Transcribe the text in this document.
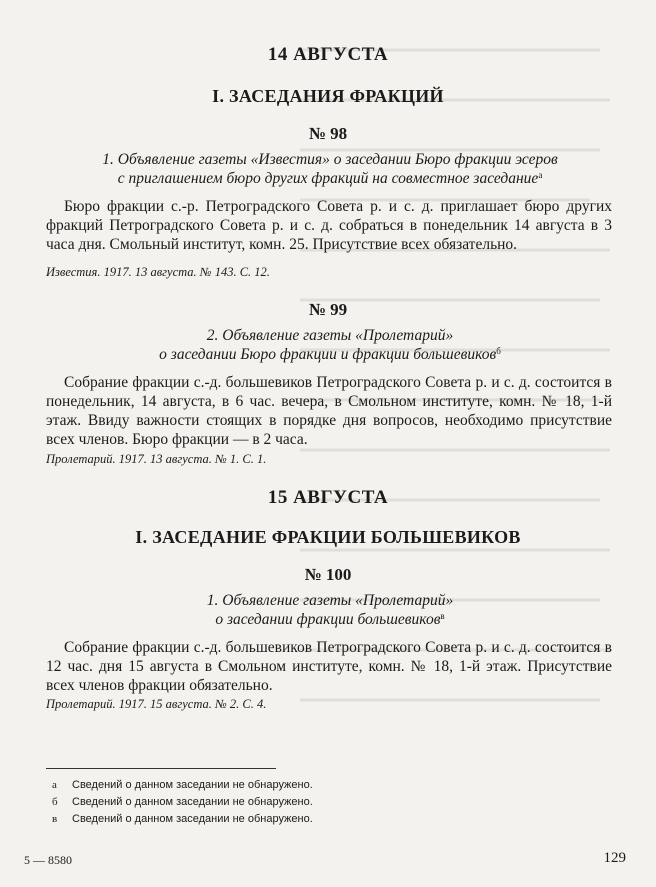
14 АВГУСТА
I. ЗАСЕДАНИЯ ФРАКЦИЙ
№ 98
1. Объявление газеты «Известия» о заседании Бюро фракции эсеров
с приглашением бюро других фракций на совместное заседание$^а$
Бюро фракции с.-р. Петроградского Совета р. и с. д. приглашает бюро других фракций Петроградского Совета р. и с. д. собраться в понедельник 14 августа в 3 часа дня. Смольный институт, комн. 25. Присутствие всех обязательно.
Известия. 1917. 13 августа. № 143. С. 12.
№ 99
2. Объявление газеты «Пролетарий»
о заседании Бюро фракции и фракции большевиков$^б$
Собрание фракции с.-д. большевиков Петроградского Совета р. и с. д. состоится в понедельник, 14 августа, в 6 час. вечера, в Смольном институте, комн. № 18, 1-й этаж. Ввиду важности стоящих в порядке дня вопросов, необходимо присутствие всех членов. Бюро фракции — в 2 часа.
Пролетарий. 1917. 13 августа. № 1. С. 1.
15 АВГУСТА
I. ЗАСЕДАНИЕ ФРАКЦИИ БОЛЬШЕВИКОВ
№ 100
1. Объявление газеты «Пролетарий»
о заседании фракции большевиков$^в$
Собрание фракции с.-д. большевиков Петроградского Совета р. и с. д. состоится в 12 час. дня 15 августа в Смольном институте, комн. № 18, 1-й этаж. Присутствие всех членов фракции обязательно.
Пролетарий. 1917. 15 августа. № 2. С. 4.
а Сведений о данном заседании не обнаружено.
б Сведений о данном заседании не обнаружено.
в Сведений о данном заседании не обнаружено.
5 — 8580	129
